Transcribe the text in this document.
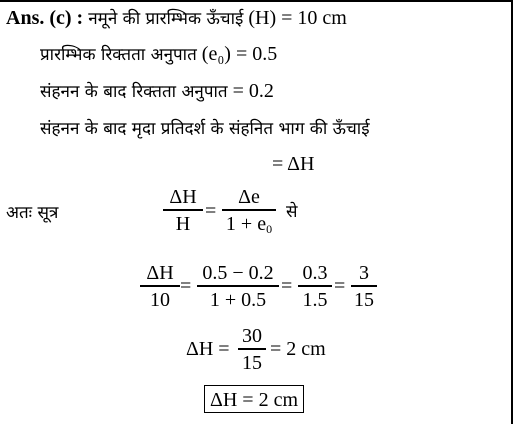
Ans. (c) : नमूने की प्रारम्भिक ऊँचाई (H) = 10 cm
प्रारम्भिक रिक्तता अनुपात (e₀) = 0.5
संहनन के बाद रिक्तता अनुपात = 0.2
संहनन के बाद मृदा प्रतिदर्श के संहनित भाग की ऊँचाई
= ΔH
अतः सूत्र
ΔH
H
=
Δe
$1 + e_0$
से
ΔH
10
=
0.5 − 0.2
1 + 0.5
=
0.3
1.5
=
3
15
ΔH =
30
15
= 2 cm
ΔH = 2 cm
